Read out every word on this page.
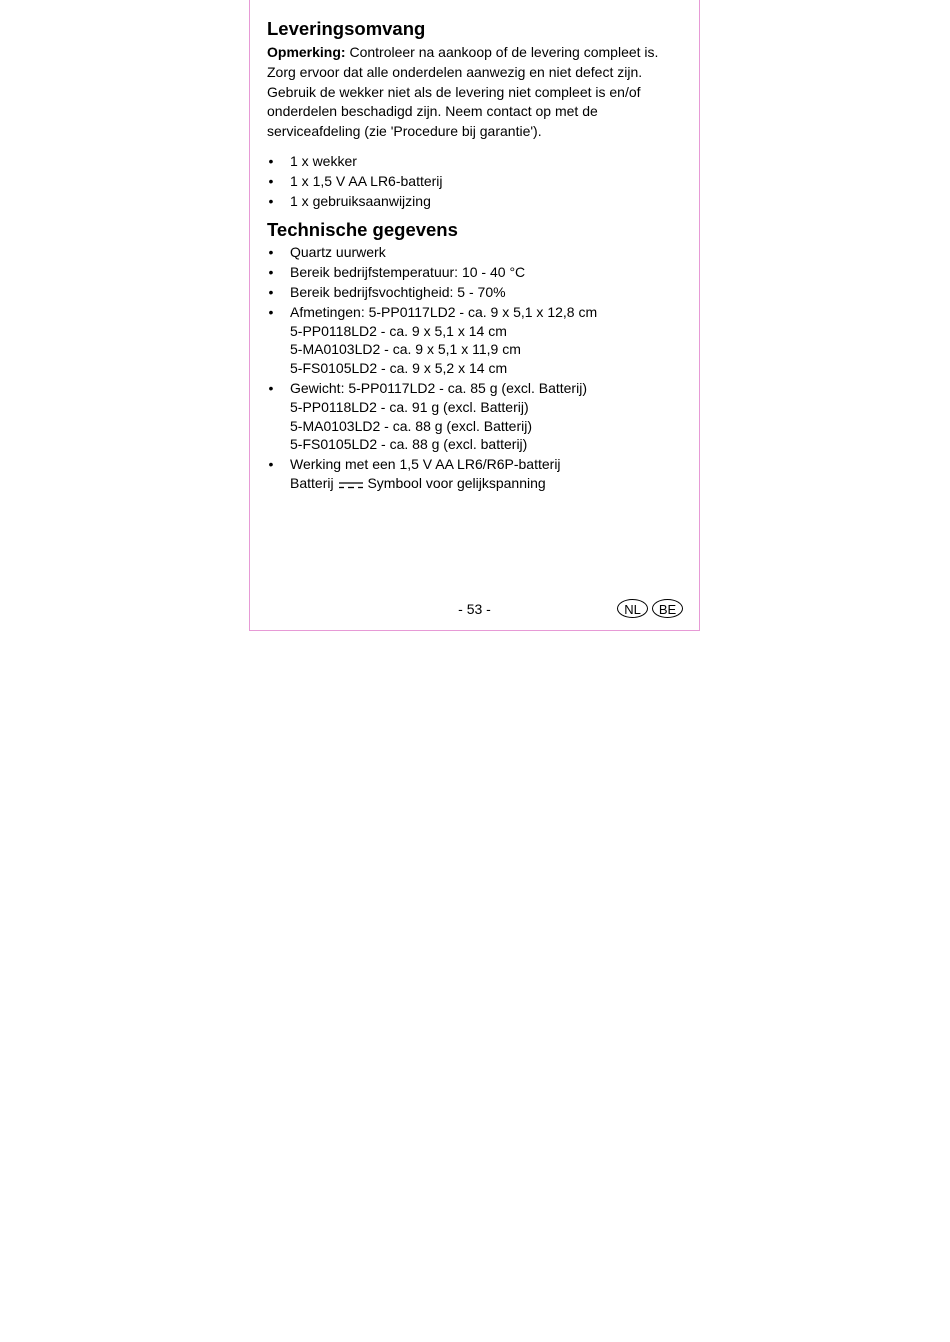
Leveringsomvang

Opmerking: Controleer na aankoop of de levering compleet is. Zorg ervoor dat alle onderdelen aanwezig en niet defect zijn. Gebruik de wekker niet als de levering niet compleet is en/of onderdelen beschadigd zijn. Neem contact op met de serviceafdeling (zie 'Procedure bij garantie').

• 1 x wekker
• 1 x 1,5 V AA LR6-batterij
• 1 x gebruiksaanwijzing
Technische gegevens
• Quartz uurwerk
• Bereik bedrijfstemperatuur: 10 - 40 °C
• Bereik bedrijfsvochtigheid: 5 - 70%
• Afmetingen: 5-PP0117LD2 - ca. 9 x 5,1 x 12,8 cm
5-PP0118LD2 - ca. 9 x 5,1 x 14 cm
5-MA0103LD2 - ca. 9 x 5,1 x 11,9 cm
5-FS0105LD2 - ca. 9 x 5,2 x 14 cm
• Gewicht: 5-PP0117LD2 - ca. 85 g (excl. Batterij)
5-PP0118LD2 - ca. 91 g (excl. Batterij)
5-MA0103LD2 - ca. 88 g (excl. Batterij)
5-FS0105LD2 - ca. 88 g (excl. batterij)
• Werking met een 1,5 V AA LR6/R6P-batterij
Batterij Symbool voor gelijkspanning
- 53 -	NL	BE
